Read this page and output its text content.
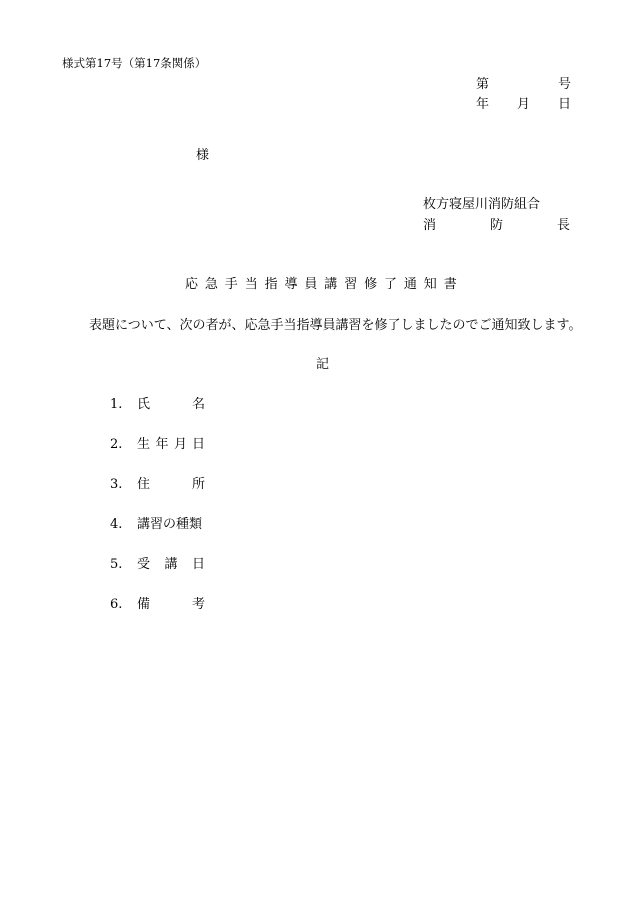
様式第17号（第17条関係）
第	号
年 月 日
様
枚方寝屋川消防組合
消	防	長
応急手当指導員講習修了通知書
表題について、次の者が、応急手当指導員講習を修了しましたのでご通知致します。
記
1. 氏	名
2. 生 年 月 日
3. 住	所
4. 講習の種類
5. 受 講 日
6. 備	考
